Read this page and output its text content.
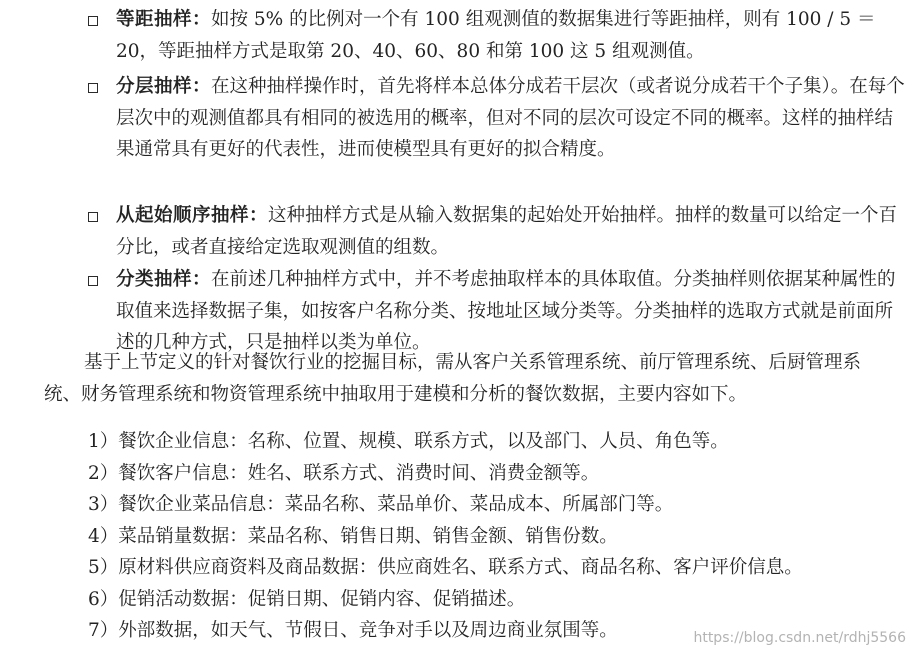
等距抽样：如按 5% 的比例对一个有 100 组观测值的数据集进行等距抽样，则有 100 / 5 ＝ 20，等距抽样方式是取第 20、40、60、80 和第 100 这 5 组观测值。
分层抽样：在这种抽样操作时，首先将样本总体分成若干层次（或者说分成若干个子集）。在每个层次中的观测值都具有相同的被选用的概率，但对不同的层次可设定不同的概率。这样的抽样结果通常具有更好的代表性，进而使模型具有更好的拟合精度。
从起始顺序抽样：这种抽样方式是从输入数据集的起始处开始抽样。抽样的数量可以给定一个百分比，或者直接给定选取观测值的组数。
分类抽样：在前述几种抽样方式中，并不考虑抽取样本的具体取值。分类抽样则依据某种属性的取值来选择数据子集，如按客户名称分类、按地址区域分类等。分类抽样的选取方式就是前面所述的几种方式，只是抽样以类为单位。

基于上节定义的针对餐饮行业的挖掘目标，需从客户关系管理系统、前厅管理系统、后厨管理系统、财务管理系统和物资管理系统中抽取用于建模和分析的餐饮数据，主要内容如下。

1）餐饮企业信息：名称、位置、规模、联系方式，以及部门、人员、角色等。
2）餐饮客户信息：姓名、联系方式、消费时间、消费金额等。
3）餐饮企业菜品信息：菜品名称、菜品单价、菜品成本、所属部门等。
4）菜品销量数据：菜品名称、销售日期、销售金额、销售份数。
5）原材料供应商资料及商品数据：供应商姓名、联系方式、商品名称、客户评价信息。
6）促销活动数据：促销日期、促销内容、促销描述。
7）外部数据，如天气、节假日、竞争对手以及周边商业氛围等。	https://blog.csdn.net/rdhj5566
